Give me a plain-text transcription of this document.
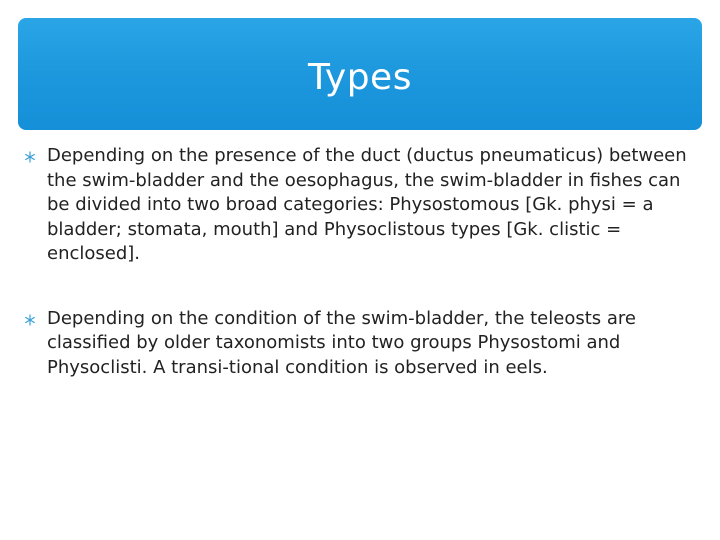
Types
Depending on the presence of the duct (ductus pneumaticus) between the swim-bladder and the oesophagus, the swim-bladder in fishes can be divided into two broad categories: Physostomous [Gk. physi = a bladder; stomata, mouth] and Physoclistous types [Gk. clistic = enclosed].
Depending on the condition of the swim-bladder, the teleosts are classified by older taxonomists into two groups Physostomi and Physoclisti. A transi-tional condition is observed in eels.
